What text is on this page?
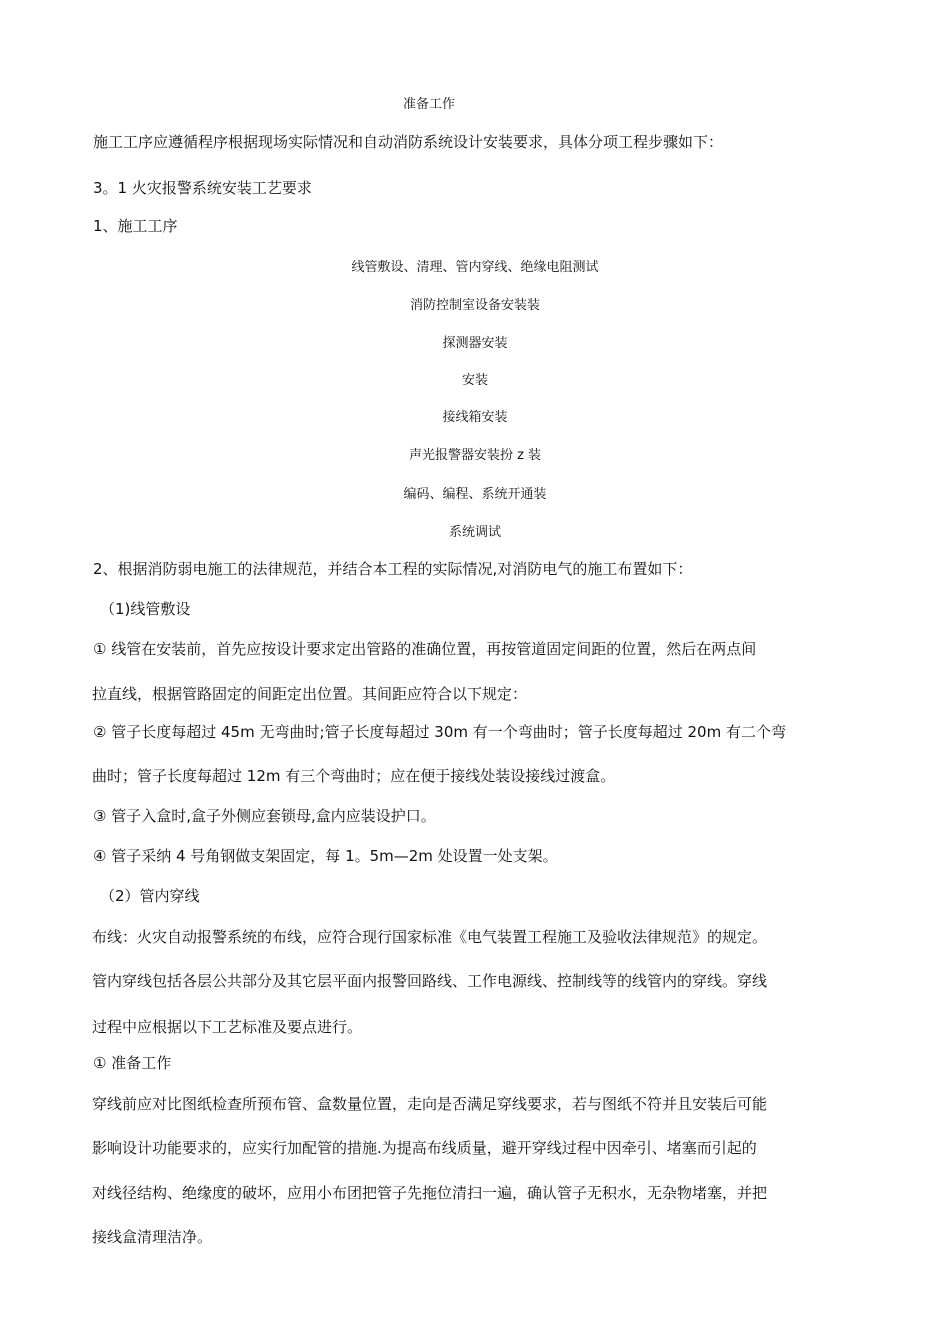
准备工作
施工工序应遵循程序根据现场实际情况和自动消防系统设计安装要求，具体分项工程步骤如下：
3。1 火灾报警系统安装工艺要求
1、施工工序
线管敷设、清理、管内穿线、绝缘电阻测试
消防控制室设备安装装
探测器安装
安装
接线箱安装
声光报警器安装扮 z 装
编码、编程、系统开通装
系统调试
2、根据消防弱电施工的法律规范，并结合本工程的实际情况,对消防电气的施工布置如下：
（1)线管敷设
① 线管在安装前，首先应按设计要求定出管路的准确位置，再按管道固定间距的位置，然后在两点间
拉直线，根据管路固定的间距定出位置。其间距应符合以下规定：
② 管子长度每超过 45m 无弯曲时;管子长度每超过 30m 有一个弯曲时；管子长度每超过 20m 有二个弯
曲时；管子长度每超过 12m 有三个弯曲时；应在便于接线处装设接线过渡盒。
③ 管子入盒时,盒子外侧应套锁母,盒内应装设护口。
④ 管子采纳 4 号角钢做支架固定，每 1。5m—2m 处设置一处支架。
（2）管内穿线
布线：火灾自动报警系统的布线，应符合现行国家标准《电气装置工程施工及验收法律规范》的规定。
管内穿线包括各层公共部分及其它层平面内报警回路线、工作电源线、控制线等的线管内的穿线。穿线
过程中应根据以下工艺标准及要点进行。
① 准备工作
穿线前应对比图纸检查所预布管、盒数量位置，走向是否满足穿线要求，若与图纸不符并且安装后可能
影响设计功能要求的，应实行加配管的措施.为提高布线质量，避开穿线过程中因牵引、堵塞而引起的
对线径结构、绝缘度的破坏，应用小布团把管子先拖位清扫一遍，确认管子无积水，无杂物堵塞，并把
接线盒清理洁净。
